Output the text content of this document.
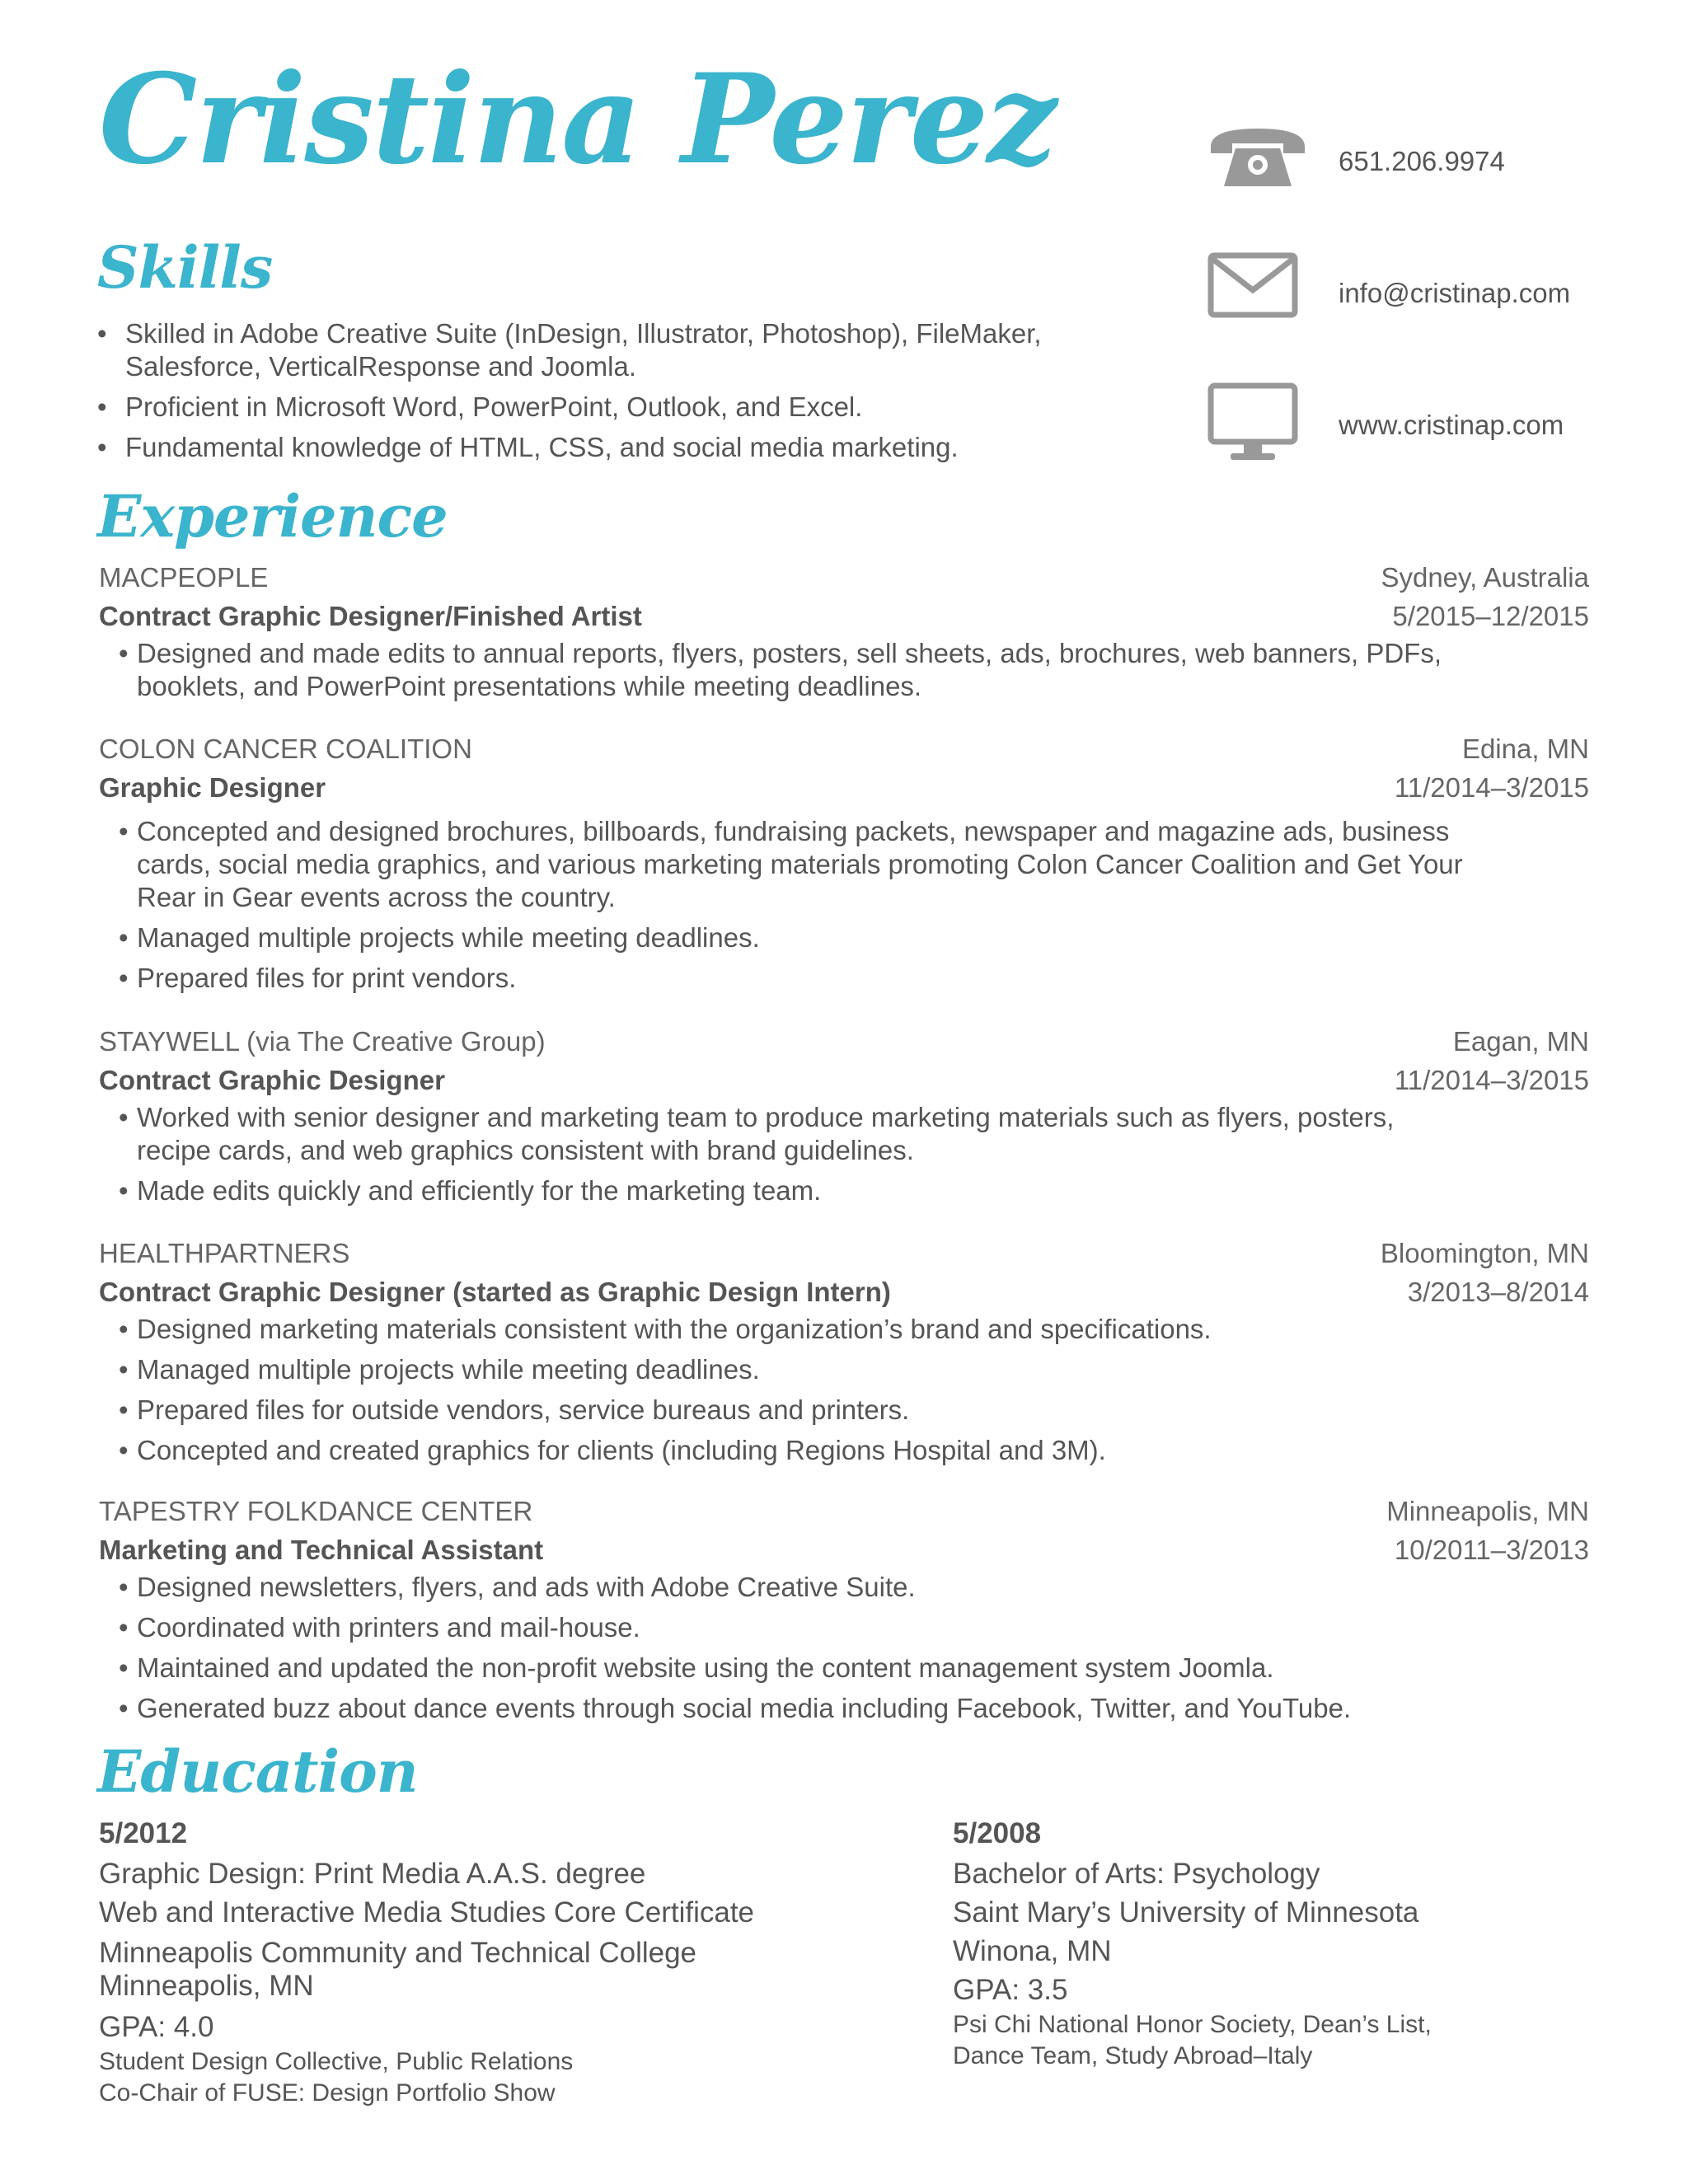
Cristina Perez	651.206.9974
info@cristinap.com
www.cristinap.com
Skills
• Skilled in Adobe Creative Suite (InDesign, Illustrator, Photoshop), FileMaker, Salesforce, VerticalResponse and Joomla.
• Proficient in Microsoft Word, PowerPoint, Outlook, and Excel.
• Fundamental knowledge of HTML, CSS, and social media marketing.
Experience
MACPEOPLE	Sydney, Australia
Contract Graphic Designer/Finished Artist	5/2015–12/2015
• Designed and made edits to annual reports, flyers, posters, sell sheets, ads, brochures, web banners, PDFs, booklets, and PowerPoint presentations while meeting deadlines.
COLON CANCER COALITION	Edina, MN
Graphic Designer	11/2014–3/2015
• Concepted and designed brochures, billboards, fundraising packets, newspaper and magazine ads, business cards, social media graphics, and various marketing materials promoting Colon Cancer Coalition and Get Your Rear in Gear events across the country.
• Managed multiple projects while meeting deadlines.
• Prepared files for print vendors.
STAYWELL (via The Creative Group)	Eagan, MN
Contract Graphic Designer	11/2014–3/2015
• Worked with senior designer and marketing team to produce marketing materials such as flyers, posters, recipe cards, and web graphics consistent with brand guidelines.
• Made edits quickly and efficiently for the marketing team.
HEALTHPARTNERS	Bloomington, MN
Contract Graphic Designer (started as Graphic Design Intern)	3/2013–8/2014
• Designed marketing materials consistent with the organization’s brand and specifications.
• Managed multiple projects while meeting deadlines.
• Prepared files for outside vendors, service bureaus and printers.
• Concepted and created graphics for clients (including Regions Hospital and 3M).
TAPESTRY FOLKDANCE CENTER	Minneapolis, MN
Marketing and Technical Assistant	10/2011–3/2013
• Designed newsletters, flyers, and ads with Adobe Creative Suite.
• Coordinated with printers and mail-house.
• Maintained and updated the non-profit website using the content management system Joomla.
• Generated buzz about dance events through social media including Facebook, Twitter, and YouTube.
Education
5/2012
Graphic Design: Print Media A.A.S. degree
Web and Interactive Media Studies Core Certificate
Minneapolis Community and Technical College
Minneapolis, MN
GPA: 4.0
Student Design Collective, Public Relations
Co-Chair of FUSE: Design Portfolio Show
5/2008
Bachelor of Arts: Psychology
Saint Mary’s University of Minnesota
Winona, MN
GPA: 3.5
Psi Chi National Honor Society, Dean’s List,
Dance Team, Study Abroad–Italy
